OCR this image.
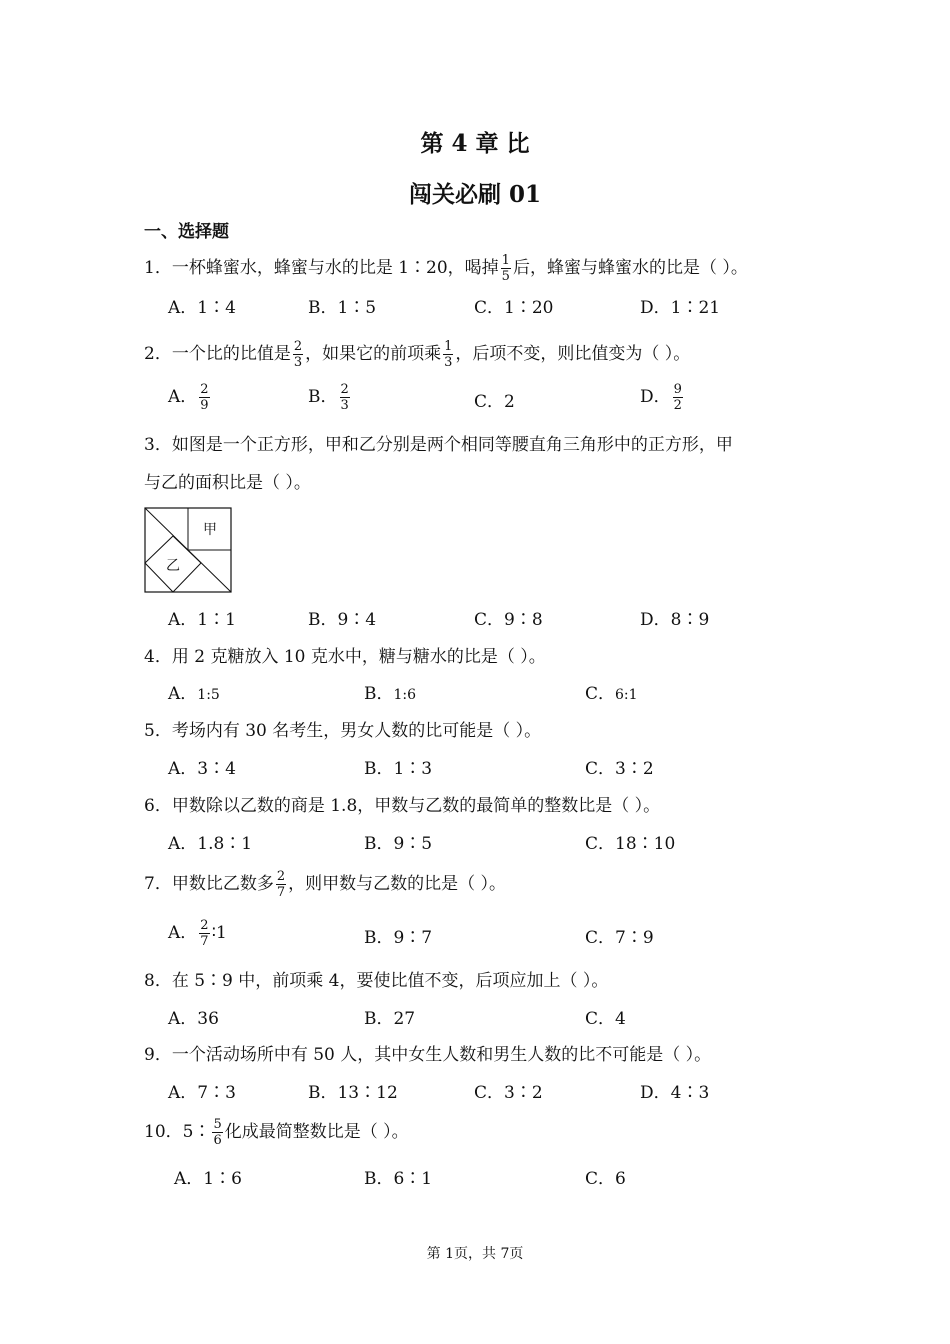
第 4 章 比
闯关必刷 01
一、选择题
1．一杯蜂蜜水，蜂蜜与水的比是 1∶20，喝掉 $\frac{1}{5}$ 后，蜂蜜与蜂蜜水的比是（ ）。
A．1∶4	B．1∶5	C．1∶20	D．1∶21
2．一个比的比值是 $\frac{2}{3}$ ，如果它的前项乘 $\frac{1}{3}$ ，后项不变，则比值变为（ ）。
A． $\frac{2}{9}$	B． $\frac{2}{3}$	C．2	D． $\frac{9}{2}$
3．如图是一个正方形，甲和乙分别是两个相同等腰直角三角形中的正方形，甲
与乙的面积比是（ ）。
甲
乙
A．1∶1	B．9∶4	C．9∶8	D．8∶9
4．用 2 克糖放入 10 克水中，糖与糖水的比是（ ）。
A．1:5	B．1:6	C．6:1
5．考场内有 30 名考生，男女人数的比可能是（ ）。
A．3∶4	B．1∶3	C．3∶2
6．甲数除以乙数的商是 1.8，甲数与乙数的最简单的整数比是（ ）。
A．1.8∶1	B．9∶5	C．18∶10
7．甲数比乙数多 $\frac{2}{7}$ ，则甲数与乙数的比是（ ）。
A． $\frac{2}{7}$ ∶1	B．9∶7	C．7∶9
8．在 5∶9 中，前项乘 4，要使比值不变，后项应加上（ ）。
A．36	B．27	C．4
9．一个活动场所中有 50 人，其中女生人数和男生人数的比不可能是（ ）。
A．7∶3	B．13∶12	C．3∶2	D．4∶3
10．5∶ $\frac{5}{6}$ 化成最简整数比是（ ）。
A．1∶6	B．6∶1	C．6
第 1页，共 7页
